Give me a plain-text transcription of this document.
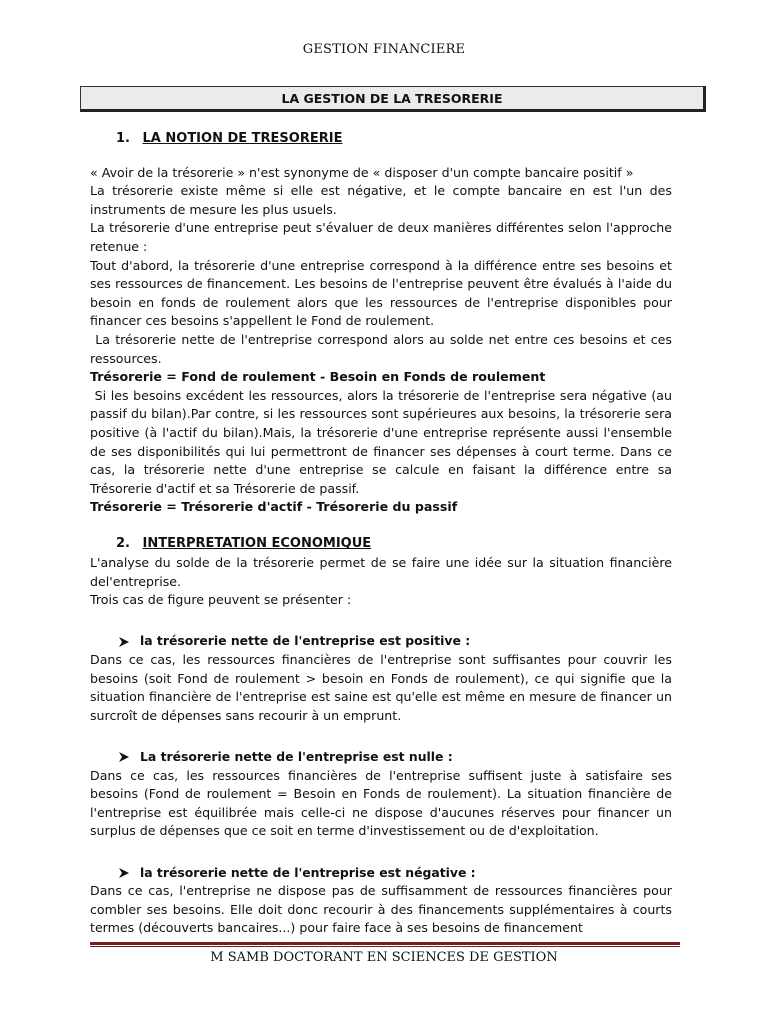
GESTION FINANCIERE
LA GESTION DE LA TRESORERIE
1. LA NOTION DE TRESORERIE

« Avoir de la trésorerie » n'est synonyme de « disposer d'un compte bancaire positif »

La trésorerie existe même si elle est négative, et le compte bancaire en est l'un des instruments de mesure les plus usuels.

La trésorerie d'une entreprise peut s'évaluer de deux manières différentes selon l'approche retenue :

Tout d'abord, la trésorerie d'une entreprise correspond à la différence entre ses besoins et ses ressources de financement. Les besoins de l'entreprise peuvent être évalués à l'aide du besoin en fonds de roulement alors que les ressources de l'entreprise disponibles pour financer ces besoins s'appellent le Fond de roulement.

La trésorerie nette de l'entreprise correspond alors au solde net entre ces besoins et ces ressources.

Trésorerie = Fond de roulement - Besoin en Fonds de roulement

Si les besoins excédent les ressources, alors la trésorerie de l'entreprise sera négative (au passif du bilan).Par contre, si les ressources sont supérieures aux besoins, la trésorerie sera positive (à l'actif du bilan).Mais, la trésorerie d'une entreprise représente aussi l'ensemble de ses disponibilités qui lui permettront de financer ses dépenses à court terme. Dans ce cas, la trésorerie nette d'une entreprise se calcule en faisant la différence entre sa Trésorerie d'actif et sa Trésorerie de passif.

Trésorerie = Trésorerie d'actif - Trésorerie du passif

2. INTERPRETATION ECONOMIQUE

L'analyse du solde de la trésorerie permet de se faire une idée sur la situation financière del'entreprise.

Trois cas de figure peuvent se présenter :

la trésorerie nette de l'entreprise est positive :

Dans ce cas, les ressources financières de l'entreprise sont suffisantes pour couvrir les besoins (soit Fond de roulement > besoin en Fonds de roulement), ce qui signifie que la situation financière de l'entreprise est saine est qu'elle est même en mesure de financer un surcroît de dépenses sans recourir à un emprunt.

La trésorerie nette de l'entreprise est nulle :

Dans ce cas, les ressources financières de l'entreprise suffisent juste à satisfaire ses besoins (Fond de roulement = Besoin en Fonds de roulement). La situation financière de l'entreprise est équilibrée mais celle-ci ne dispose d'aucunes réserves pour financer un surplus de dépenses que ce soit en terme d'investissement ou de d'exploitation.

la trésorerie nette de l'entreprise est négative :

Dans ce cas, l'entreprise ne dispose pas de suffisamment de ressources financières pour combler ses besoins. Elle doit donc recourir à des financements supplémentaires à courts termes (découverts bancaires...) pour faire face à ses besoins de financement

M SAMB DOCTORANT EN SCIENCES DE GESTION
